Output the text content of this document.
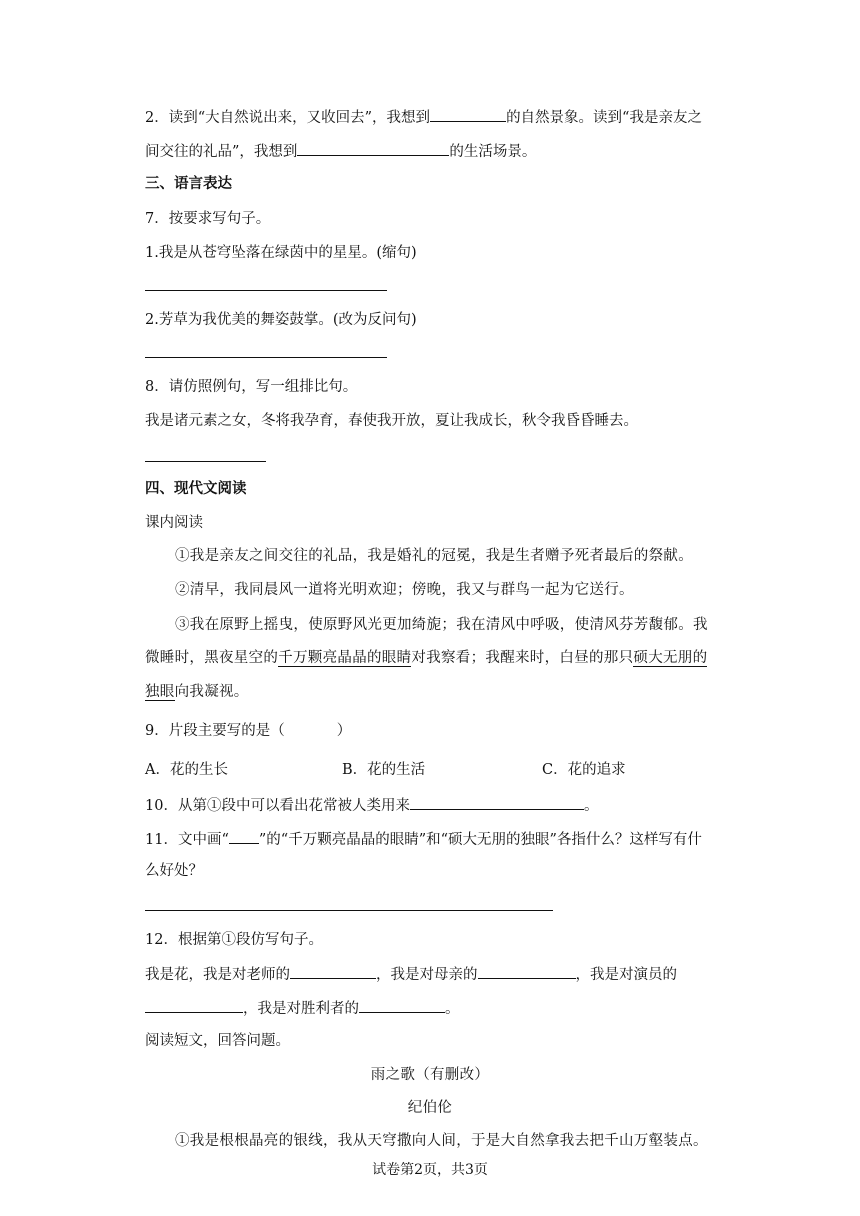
2．读到“大自然说出来，又收回去”，我想到	的自然景象。读到“我是亲友之
间交往的礼品”，我想到	的生活场景。
三、语言表达
7．按要求写句子。
1.我是从苍穹坠落在绿茵中的星星。(缩句)
2.芳草为我优美的舞姿鼓掌。(改为反问句)
8．请仿照例句，写一组排比句。
我是诸元素之女，冬将我孕育，春使我开放，夏让我成长，秋令我昏昏睡去。
四、现代文阅读
课内阅读
①我是亲友之间交往的礼品，我是婚礼的冠冕，我是生者赠予死者最后的祭献。
②清早，我同晨风一道将光明欢迎；傍晚，我又与群鸟一起为它送行。
③我在原野上摇曳，使原野风光更加绮旎；我在清风中呼吸，使清风芬芳馥郁。我
微睡时，黑夜星空的千万颗亮晶晶的眼睛对我察看；我醒来时，白昼的那只硕大无朋的
独眼向我凝视。
9．片段主要写的是（	）
A．花的生长	B．花的生活	C．花的追求
10．从第①段中可以看出花常被人类用来	。
11．文中画“ ”的“千万颗亮晶晶的眼睛”和“硕大无朋的独眼”各指什么？这样写有什
么好处？
12．根据第①段仿写句子。
我是花，我是对老师的	，我是对母亲的	，我是对演员的
，我是对胜利者的	。
阅读短文，回答问题。
雨之歌（有删改）
纪伯伦
①我是根根晶亮的银线，我从天穹撒向人间，于是大自然拿我去把千山万壑装点。
试卷第2页，共3页
